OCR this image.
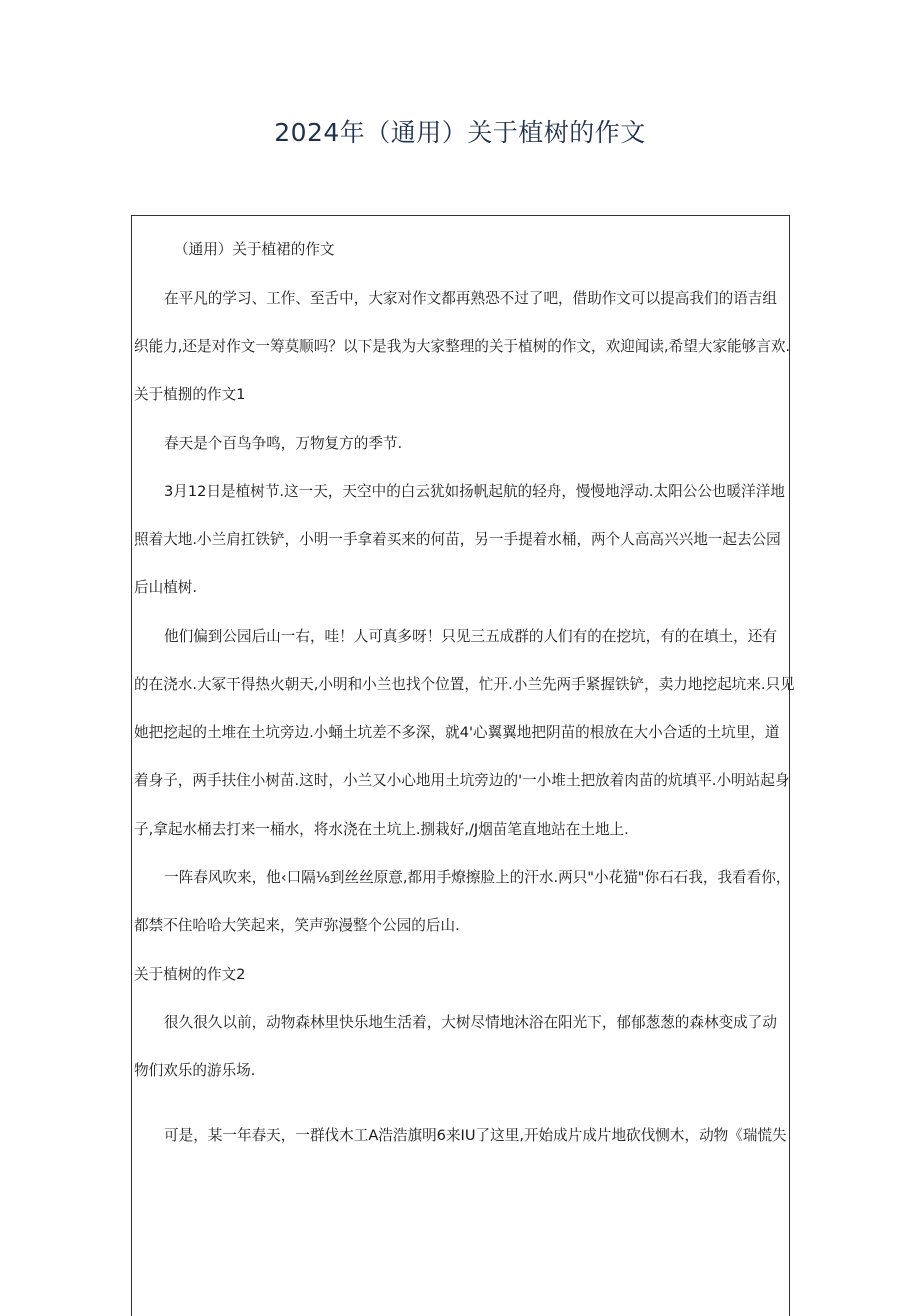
2024年（通用）关于植树的作文
（通用）关于植裙的作文
在平凡的学习、工作、至舌中，大家对作文都再熟恐不过了吧，借助作文可以提高我们的语吉组
织能力,还是对作文一筹莫顺吗？以下是我为大家整理的关于植树的作文，欢迎闻读,希望大家能够言欢.
关于植捌的作文1
春天是个百鸟争鸣，万物复方的季节.
3月12日是植树节.这一天，天空中的白云犹如扬帆起航的轻舟，慢慢地浮动.太阳公公也暖洋洋地
照着大地.小兰肩扛铁铲，小明一手拿着买来的何苗，另一手提着水桶，两个人高高兴兴地一起去公园
后山植树.
他们偏到公园后山一右，哇！人可真多呀！只见三五成群的人们有的在挖坑，有的在填土，还有
的在浇水.大冢干得热火朝天,小明和小兰也找个位置，忙开.小兰先两手紧握铁铲，卖力地挖起坑来.只见
她把挖起的土堆在土坑旁边.小蛹土坑差不多深，就4'心翼翼地把阴苗的根放在大小合适的土坑里，道
着身子，两手扶住小树苗.这时，小兰又小心地用土坑旁边的'一小堆土把放着肉苗的炕填平.小明站起身
子,拿起水桶去打来一桶水，将水浇在土坑上.捌栽好,/J烟苗笔直地站在土地上.
一阵春风吹来，他‹口隔⅛到丝丝原意,都用手燎擦脸上的汗水.两只"小花猫"你石石我，我看看你，
都禁不住哈哈大笑起来，笑声弥漫整个公园的后山.
关于植树的作文2
很久很久以前，动物森林里快乐地生活着，大树尽情地沐浴在阳光下，郁郁葱葱的森林变成了动
物们欢乐的游乐场.
可是，某一年春天，一群伐木工A浩浩旗明6来IU了这里,开始成片成片地砍伐恻木，动物《瑞慌失
